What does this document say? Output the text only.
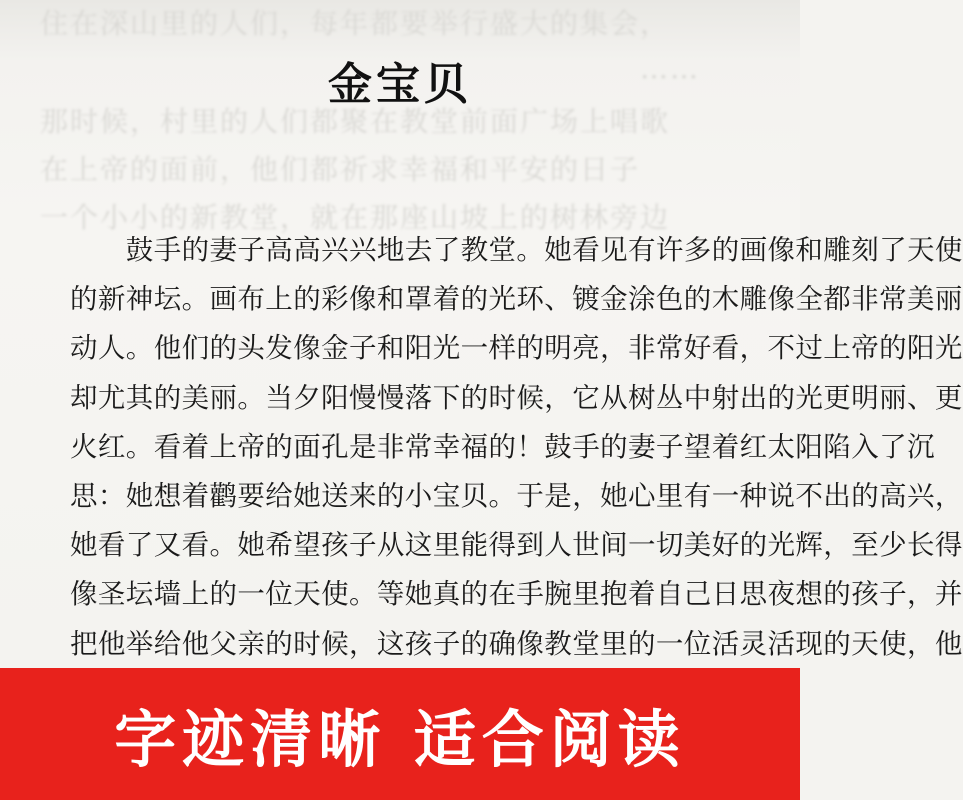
住在深山里的人们，每年都要举行盛大的集会，
……
那时候，村里的人们都聚在教堂前面广场上唱歌
在上帝的面前，他们都祈求幸福和平安的日子
一个小小的新教堂，就在那座山坡上的树林旁边
金宝贝

　　鼓手的妻子高高兴兴地去了教堂。她看见有许多的画像和雕刻了天使

的新神坛。画布上的彩像和罩着的光环、镀金涂色的木雕像全都非常美丽

动人。他们的头发像金子和阳光一样的明亮，非常好看，不过上帝的阳光

却尤其的美丽。当夕阳慢慢落下的时候，它从树丛中射出的光更明丽、更

火红。看着上帝的面孔是非常幸福的！鼓手的妻子望着红太阳陷入了沉

思：她想着鹳要给她送来的小宝贝。于是，她心里有一种说不出的高兴，

她看了又看。她希望孩子从这里能得到人世间一切美好的光辉，至少长得

像圣坛墙上的一位天使。等她真的在手腕里抱着自己日思夜想的孩子，并

把他举给他父亲的时候，这孩子的确像教堂里的一位活灵活现的天使，他

字迹清晰 适合阅读
